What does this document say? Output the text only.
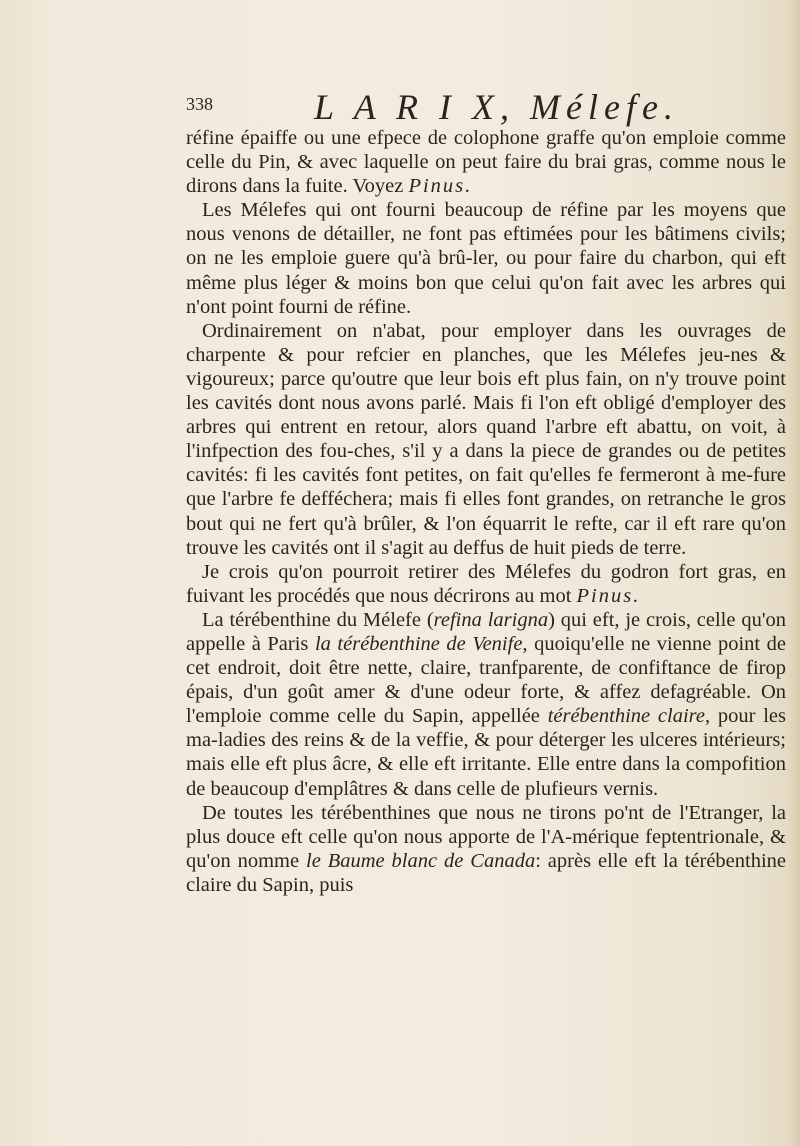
338	L A R I X, Mélefe.

réfine épaiffe ou une efpece de colophone graffe qu'on emploie comme celle du Pin, & avec laquelle on peut faire du brai gras, comme nous le dirons dans la fuite. Voyez Pinus.

Les Mélefes qui ont fourni beaucoup de réfine par les moyens que nous venons de détailler, ne font pas eftimées pour les bâtimens civils; on ne les emploie guere qu'à brû-ler, ou pour faire du charbon, qui eft même plus léger & moins bon que celui qu'on fait avec les arbres qui n'ont point fourni de réfine.

Ordinairement on n'abat, pour employer dans les ouvrages de charpente & pour refcier en planches, que les Mélefes jeu-nes & vigoureux; parce qu'outre que leur bois eft plus fain, on n'y trouve point les cavités dont nous avons parlé. Mais fi l'on eft obligé d'employer des arbres qui entrent en retour, alors quand l'arbre eft abattu, on voit, à l'infpection des fou-ches, s'il y a dans la piece de grandes ou de petites cavités: fi les cavités font petites, on fait qu'elles fe fermeront à me-fure que l'arbre fe defféchera; mais fi elles font grandes, on retranche le gros bout qui ne fert qu'à brûler, & l'on équarrit le refte, car il eft rare qu'on trouve les cavités ont il s'agit au deffus de huit pieds de terre.

Je crois qu'on pourroit retirer des Mélefes du godron fort gras, en fuivant les procédés que nous décrirons au mot Pinus.

La térébenthine du Mélefe (refina larigna) qui eft, je crois, celle qu'on appelle à Paris la térébenthine de Venife, quoiqu'elle ne vienne point de cet endroit, doit être nette, claire, tranfparente, de confiftance de firop épais, d'un goût amer & d'une odeur forte, & affez defagréable. On l'emploie comme celle du Sapin, appellée térébenthine claire, pour les ma-ladies des reins & de la veffie, & pour déterger les ulceres intérieurs; mais elle eft plus âcre, & elle eft irritante. Elle entre dans la compofition de beaucoup d'emplâtres & dans celle de plufieurs vernis.

De toutes les térébenthines que nous ne tirons po'nt de l'Etranger, la plus douce eft celle qu'on nous apporte de l'A-mérique feptentrionale, & qu'on nomme le Baume blanc de Canada: après elle eft la térébenthine claire du Sapin, puis
